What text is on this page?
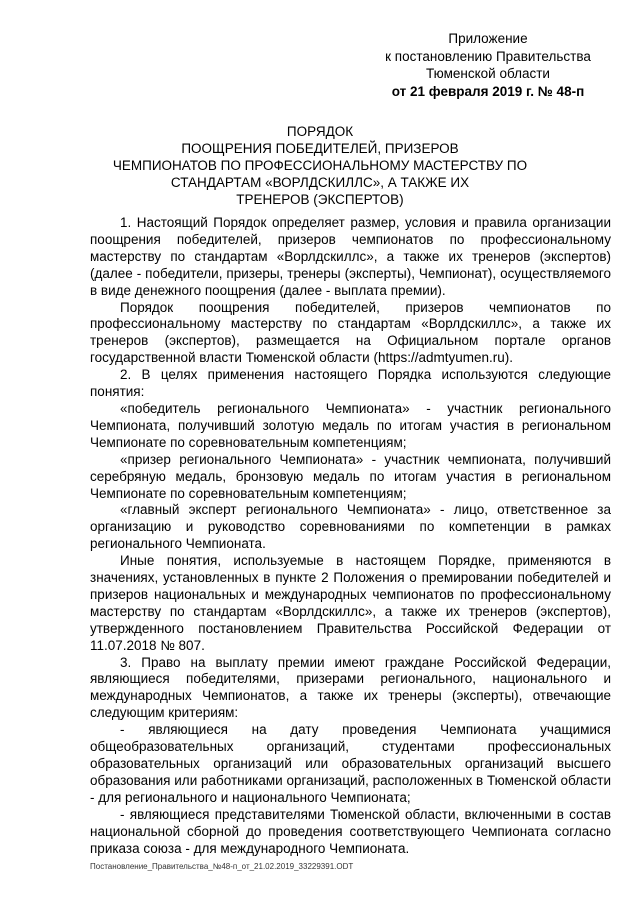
Приложение
к постановлению Правительства
Тюменской области
от 21 февраля 2019 г. № 48-п
ПОРЯДОК
ПООЩРЕНИЯ ПОБЕДИТЕЛЕЙ, ПРИЗЕРОВ
ЧЕМПИОНАТОВ ПО ПРОФЕССИОНАЛЬНОМУ МАСТЕРСТВУ ПО
СТАНДАРТАМ «ВОРЛДСКИЛЛС», А ТАКЖЕ ИХ
ТРЕНЕРОВ (ЭКСПЕРТОВ)

1. Настоящий Порядок определяет размер, условия и правила организации поощрения победителей, призеров чемпионатов по профессиональному мастерству по стандартам «Ворлдскиллс», а также их тренеров (экспертов) (далее - победители, призеры, тренеры (эксперты), Чемпионат), осуществляемого в виде денежного поощрения (далее - выплата премии).

Порядок поощрения победителей, призеров чемпионатов по профессиональному мастерству по стандартам «Ворлдскиллс», а также их тренеров (экспертов), размещается на Официальном портале органов государственной власти Тюменской области (https://admtyumen.ru).

2. В целях применения настоящего Порядка используются следующие понятия:

«победитель регионального Чемпионата» - участник регионального Чемпионата, получивший золотую медаль по итогам участия в региональном Чемпионате по соревновательным компетенциям;

«призер регионального Чемпионата» - участник чемпионата, получивший серебряную медаль, бронзовую медаль по итогам участия в региональном Чемпионате по соревновательным компетенциям;

«главный эксперт регионального Чемпионата» - лицо, ответственное за организацию и руководство соревнованиями по компетенции в рамках регионального Чемпионата.

Иные понятия, используемые в настоящем Порядке, применяются в значениях, установленных в пункте 2 Положения о премировании победителей и призеров национальных и международных чемпионатов по профессиональному мастерству по стандартам «Ворлдскиллс», а также их тренеров (экспертов), утвержденного постановлением Правительства Российской Федерации от 11.07.2018 № 807.

3. Право на выплату премии имеют граждане Российской Федерации, являющиеся победителями, призерами регионального, национального и международных Чемпионатов, а также их тренеры (эксперты), отвечающие следующим критериям:

- являющиеся на дату проведения Чемпионата учащимися общеобразовательных организаций, студентами профессиональных образовательных организаций или образовательных организаций высшего образования или работниками организаций, расположенных в Тюменской области - для регионального и национального Чемпионата;

- являющиеся представителями Тюменской области, включенными в состав национальной сборной до проведения соответствующего Чемпионата согласно приказа союза - для международного Чемпионата.

Постановление_Правительства_№48-п_от_21.02.2019_33229391.ODT
